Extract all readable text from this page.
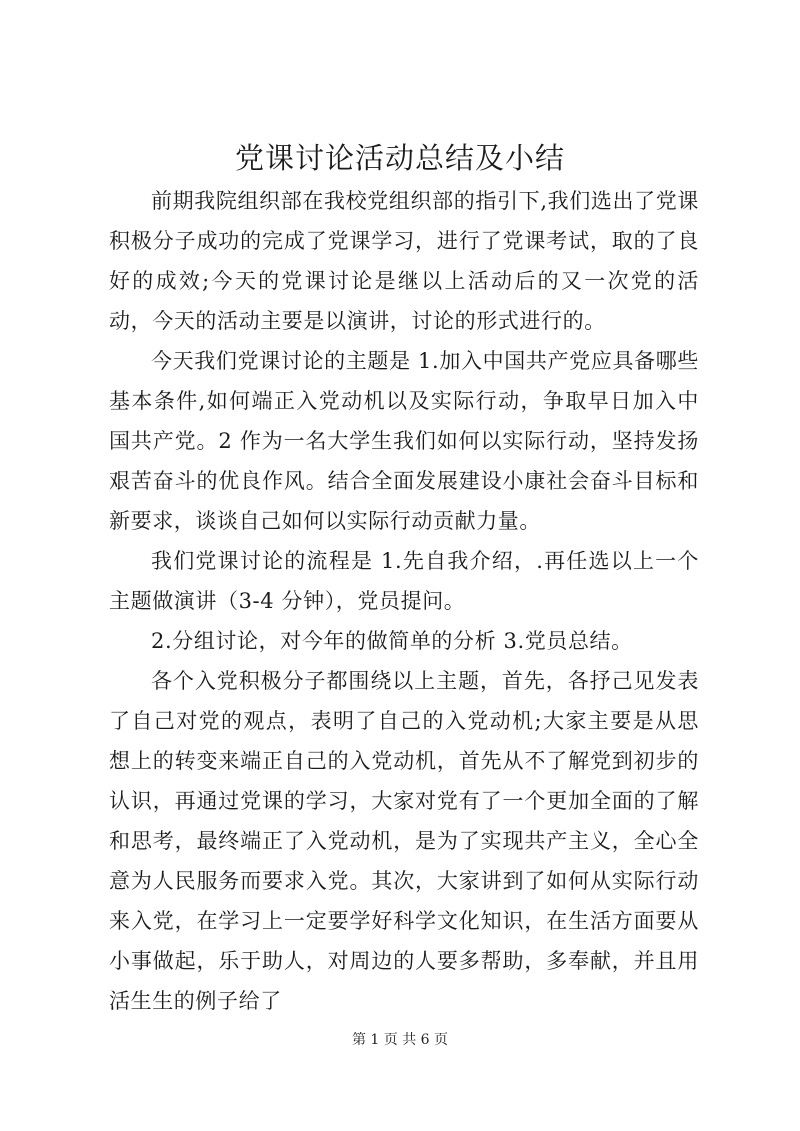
党课讨论活动总结及小结

前期我院组织部在我校党组织部的指引下,我们选出了党课积极分子成功的完成了党课学习，进行了党课考试，取的了良好的成效;今天的党课讨论是继以上活动后的又一次党的活动，今天的活动主要是以演讲，讨论的形式进行的。

今天我们党课讨论的主题是 1.加入中国共产党应具备哪些基本条件,如何端正入党动机以及实际行动，争取早日加入中国共产党。2 作为一名大学生我们如何以实际行动，坚持发扬艰苦奋斗的优良作风。结合全面发展建设小康社会奋斗目标和新要求，谈谈自己如何以实际行动贡献力量。

我们党课讨论的流程是 1.先自我介绍，.再任选以上一个主题做演讲（3-4 分钟），党员提问。

2.分组讨论，对今年的做简单的分析 3.党员总结。

各个入党积极分子都围绕以上主题，首先，各抒己见发表了自己对党的观点，表明了自己的入党动机;大家主要是从思想上的转变来端正自己的入党动机，首先从不了解党到初步的认识，再通过党课的学习，大家对党有了一个更加全面的了解和思考，最终端正了入党动机，是为了实现共产主义，全心全意为人民服务而要求入党。其次，大家讲到了如何从实际行动来入党，在学习上一定要学好科学文化知识，在生活方面要从小事做起，乐于助人，对周边的人要多帮助，多奉献，并且用活生生的例子给了

第 1 页 共 6 页
